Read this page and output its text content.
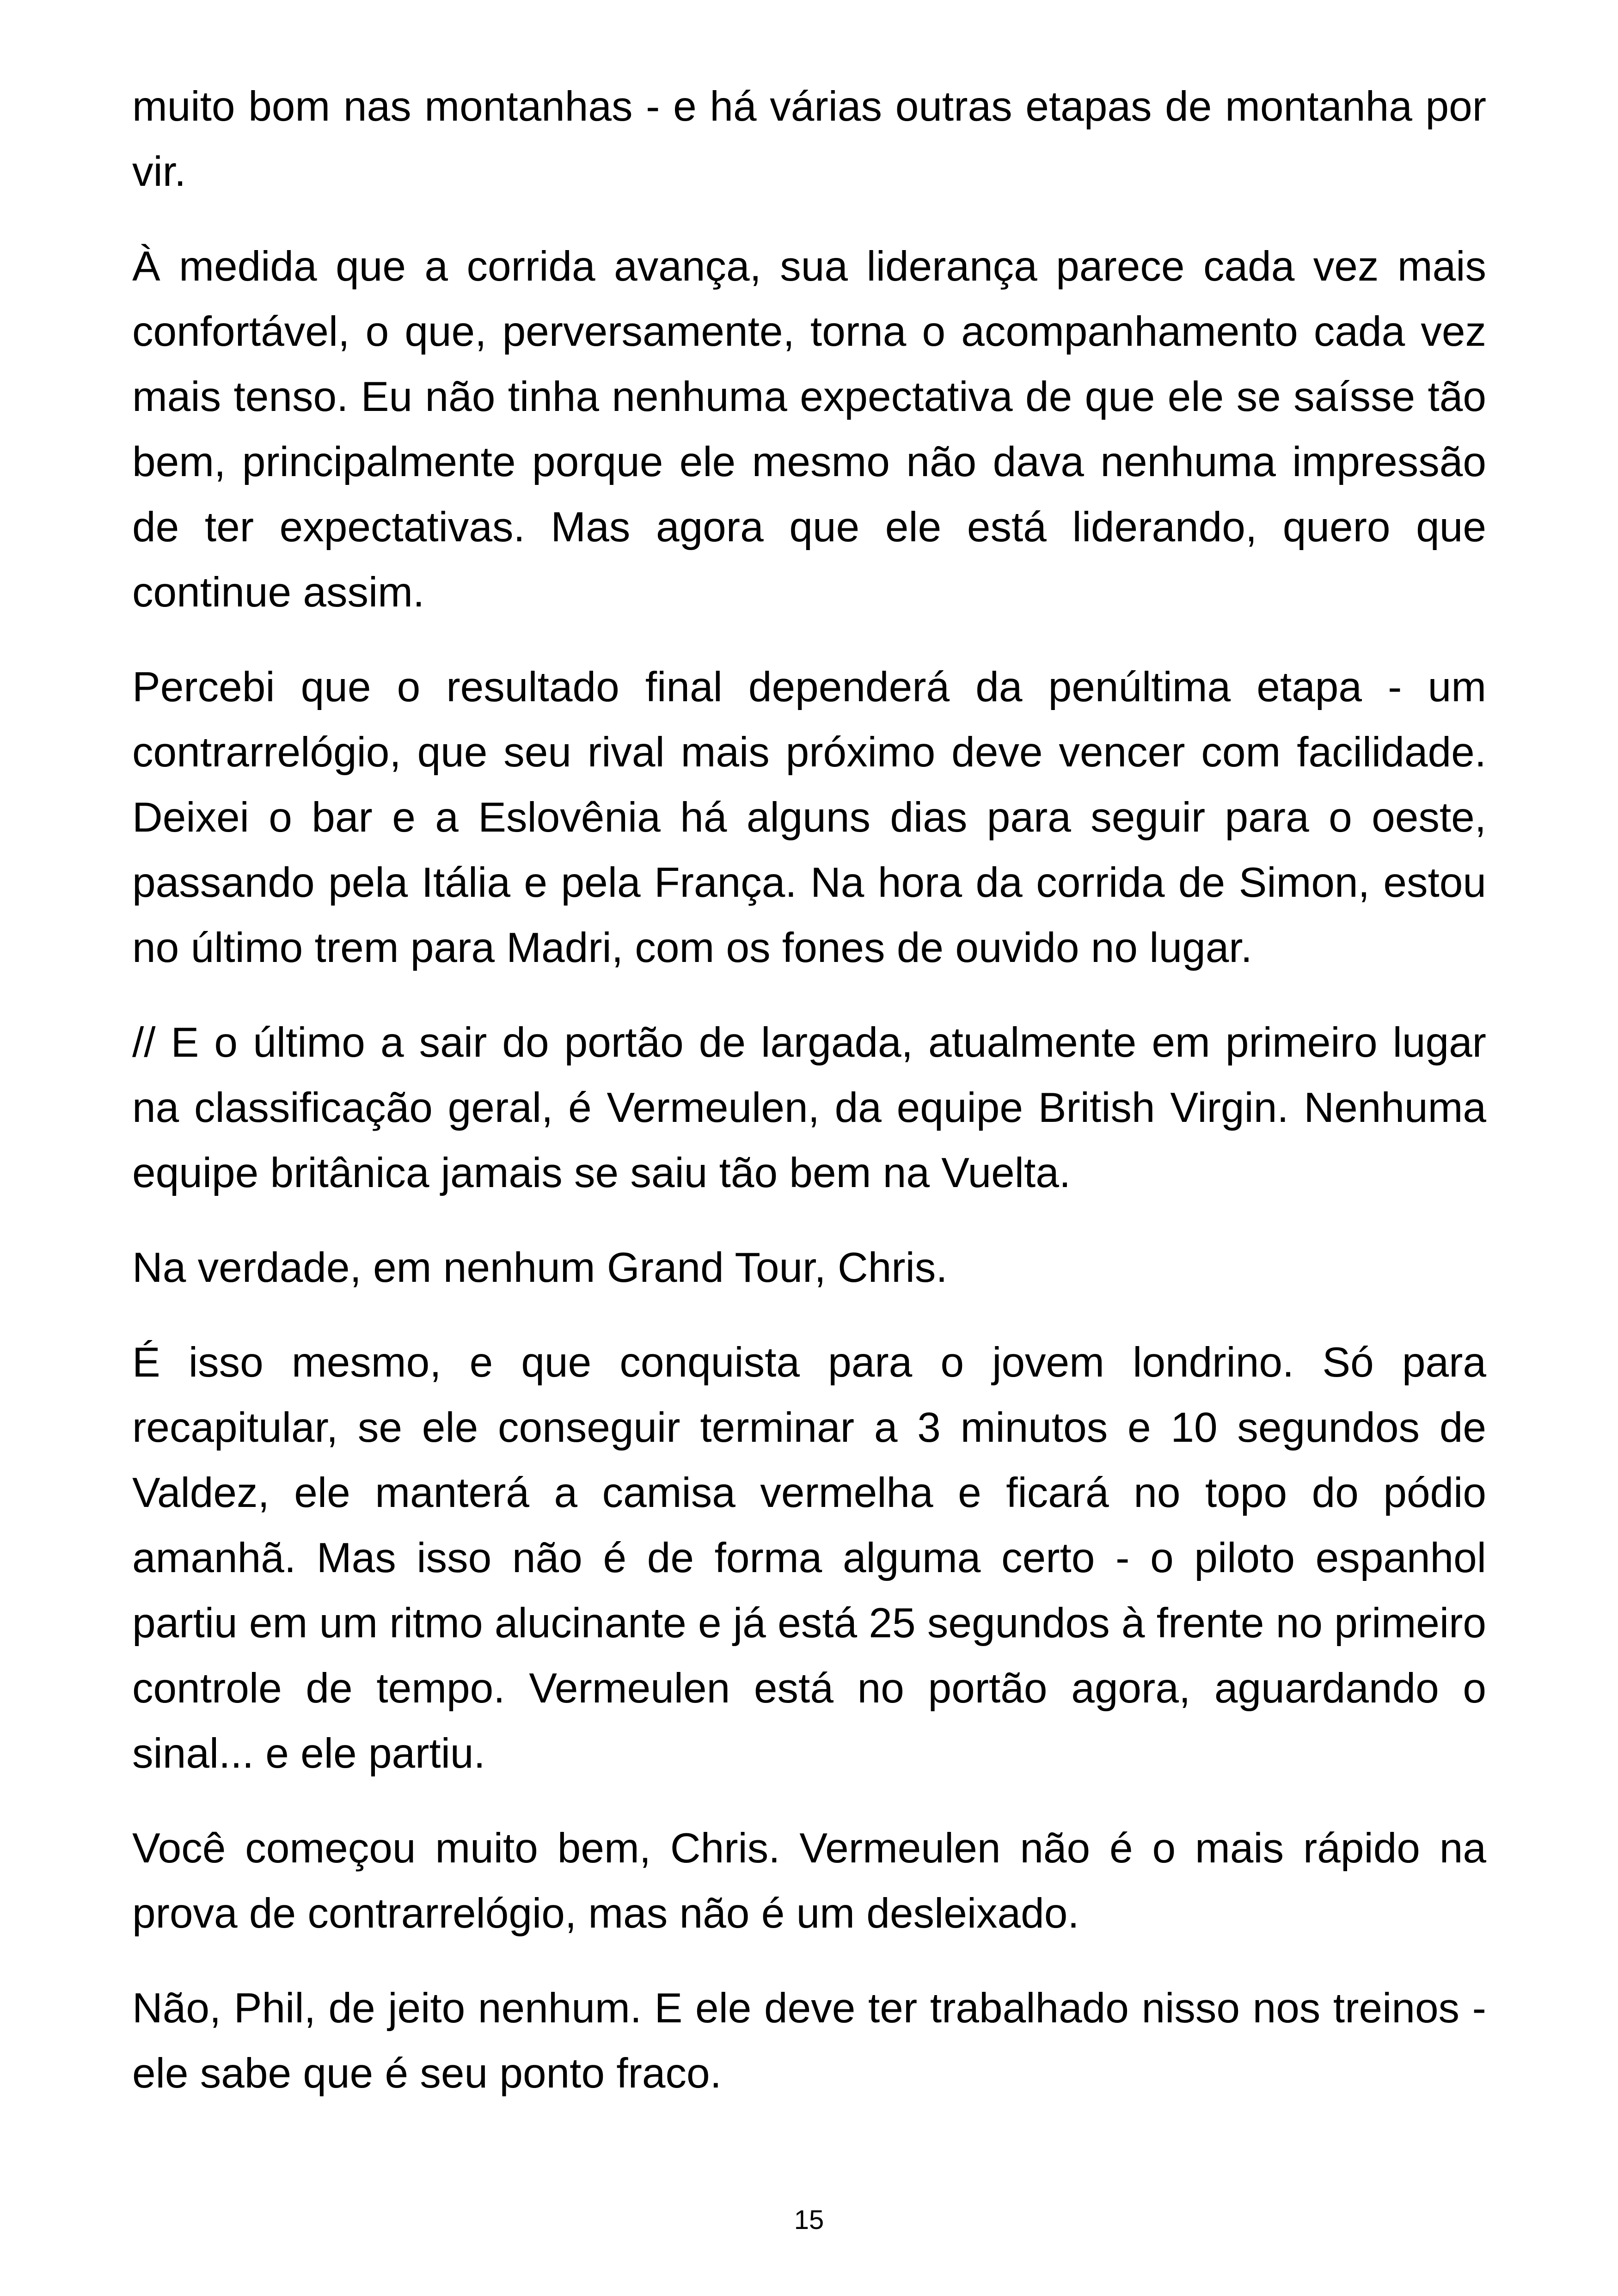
muito bom nas montanhas - e há várias outras etapas de montanha por vir.

À medida que a corrida avança, sua liderança parece cada vez mais confortável, o que, perversamente, torna o acompanhamento cada vez mais tenso. Eu não tinha nenhuma expectativa de que ele se saísse tão bem, principalmente porque ele mesmo não dava nenhuma impressão de ter expectativas. Mas agora que ele está liderando, quero que continue assim.

Percebi que o resultado final dependerá da penúltima etapa - um contrarrelógio, que seu rival mais próximo deve vencer com facilidade. Deixei o bar e a Eslovênia há alguns dias para seguir para o oeste, passando pela Itália e pela França. Na hora da corrida de Simon, estou no último trem para Madri, com os fones de ouvido no lugar.

// E o último a sair do portão de largada, atualmente em primeiro lugar na classificação geral, é Vermeulen, da equipe British Virgin. Nenhuma equipe britânica jamais se saiu tão bem na Vuelta.

Na verdade, em nenhum Grand Tour, Chris.

É isso mesmo, e que conquista para o jovem londrino. Só para recapitular, se ele conseguir terminar a 3 minutos e 10 segundos de Valdez, ele manterá a camisa vermelha e ficará no topo do pódio amanhã. Mas isso não é de forma alguma certo - o piloto espanhol partiu em um ritmo alucinante e já está 25 segundos à frente no primeiro controle de tempo. Vermeulen está no portão agora, aguardando o sinal... e ele partiu.

Você começou muito bem, Chris. Vermeulen não é o mais rápido na prova de contrarrelógio, mas não é um desleixado.

Não, Phil, de jeito nenhum. E ele deve ter trabalhado nisso nos treinos - ele sabe que é seu ponto fraco.

15
